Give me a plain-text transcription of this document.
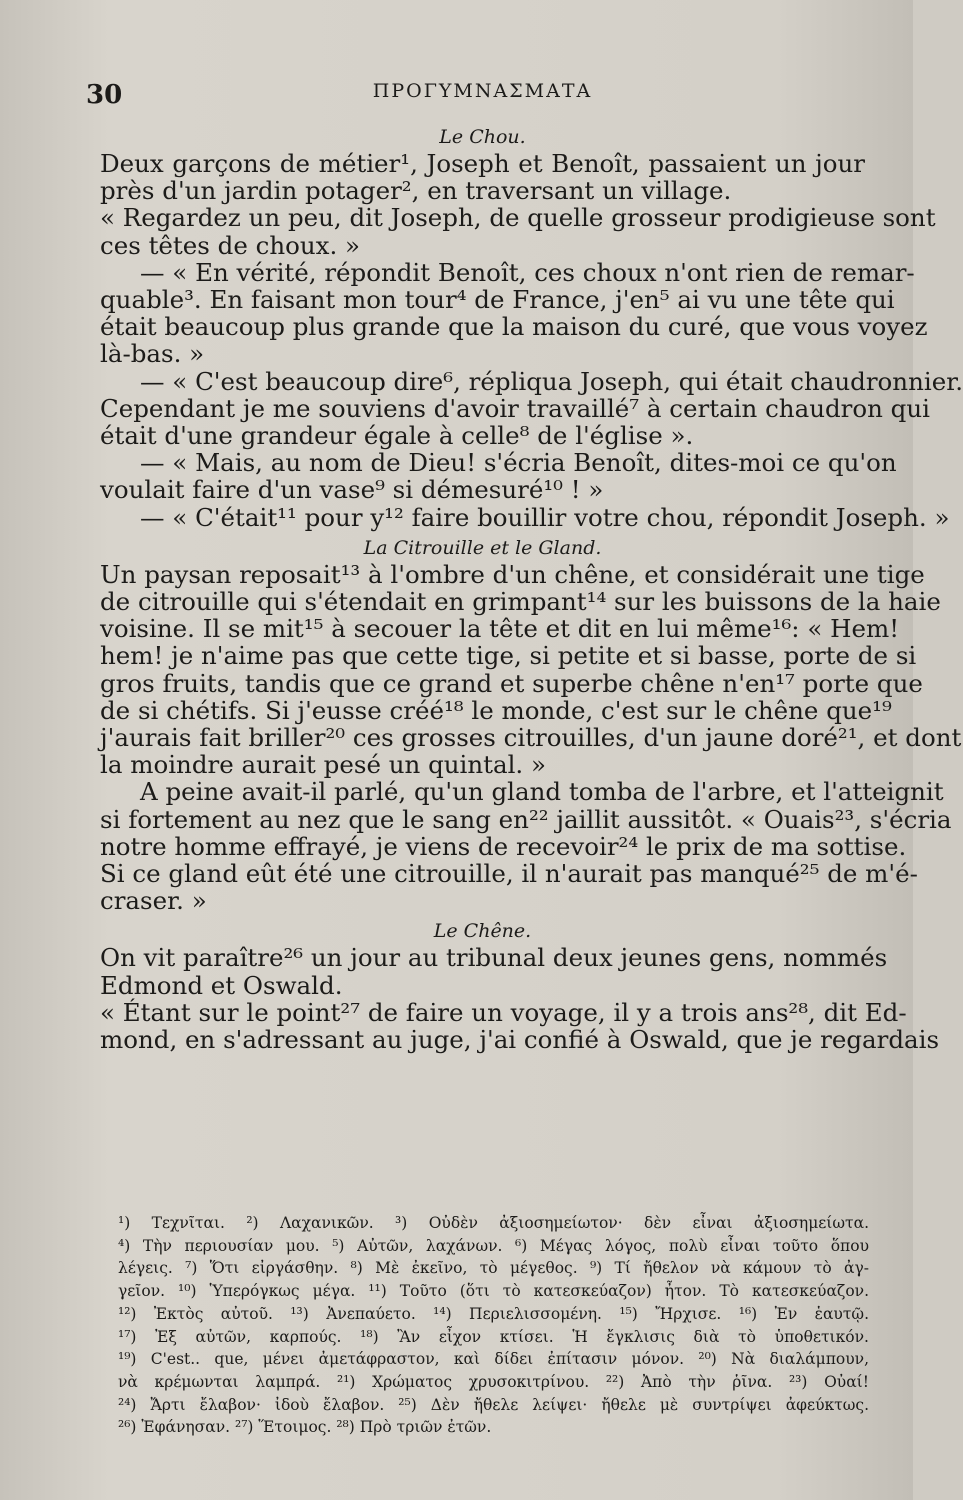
30	ΠΡΟΓΥΜΝΑΣΜΑΤΑ
Le Chou.
Deux garçons de métier¹, Joseph et Benoît, passaient un jour
près d'un jardin potager², en traversant un village.
« Regardez un peu, dit Joseph, de quelle grosseur prodigieuse sont
ces têtes de choux. »
— « En vérité, répondit Benoît, ces choux n'ont rien de remar-
quable³. En faisant mon tour⁴ de France, j'en⁵ ai vu une tête qui
était beaucoup plus grande que la maison du curé, que vous voyez
là-bas. »
— « C'est beaucoup dire⁶, répliqua Joseph, qui était chaudronnier.
Cependant je me souviens d'avoir travaillé⁷ à certain chaudron qui
était d'une grandeur égale à celle⁸ de l'église ».
— « Mais, au nom de Dieu! s'écria Benoît, dites-moi ce qu'on
voulait faire d'un vase⁹ si démesuré¹⁰ ! »
— « C'était¹¹ pour y¹² faire bouillir votre chou, répondit Joseph. »
La Citrouille et le Gland.
Un paysan reposait¹³ à l'ombre d'un chêne, et considérait une tige
de citrouille qui s'étendait en grimpant¹⁴ sur les buissons de la haie
voisine. Il se mit¹⁵ à secouer la tête et dit en lui même¹⁶: « Hem!
hem! je n'aime pas que cette tige, si petite et si basse, porte de si
gros fruits, tandis que ce grand et superbe chêne n'en¹⁷ porte que
de si chétifs. Si j'eusse créé¹⁸ le monde, c'est sur le chêne que¹⁹
j'aurais fait briller²⁰ ces grosses citrouilles, d'un jaune doré²¹, et dont
la moindre aurait pesé un quintal. »
A peine avait-il parlé, qu'un gland tomba de l'arbre, et l'atteignit
si fortement au nez que le sang en²² jaillit aussitôt. « Ouais²³, s'écria
notre homme effrayé, je viens de recevoir²⁴ le prix de ma sottise.
Si ce gland eût été une citrouille, il n'aurait pas manqué²⁵ de m'é-
craser. »
Le Chêne.
On vit paraître²⁶ un jour au tribunal deux jeunes gens, nommés
Edmond et Oswald.
« Étant sur le point²⁷ de faire un voyage, il y a trois ans²⁸, dit Ed-
mond, en s'adressant au juge, j'ai confié à Oswald, que je regardais
¹) Τεχνῖται. ²) Λαχανικῶν. ³) Οὐδὲν ἀξιοσημείωτον· δὲν εἶναι ἀξιοσημείωτα.
⁴) Τὴν περιουσίαν μου. ⁵) Αὐτῶν, λαχάνων. ⁶) Μέγας λόγος, πολὺ εἶναι τοῦτο ὅπου
λέγεις. ⁷) Ὅτι εἰργάσθην. ⁸) Μὲ ἐκεῖνο, τὸ μέγεθος. ⁹) Τί ἤθελον νὰ κάμουν τὸ ἀγ-
γεῖον. ¹⁰) Ὑπερόγκως μέγα. ¹¹) Τοῦτο (ὅτι τὸ κατεσκεύαζον) ἦτον. Τὸ κατεσκεύαζον.
¹²) Ἐκτὸς αὐτοῦ. ¹³) Ἀνεπαύετο. ¹⁴) Περιελισσομένη. ¹⁵) Ἤρχισε. ¹⁶) Ἐν ἑαυτῷ.
¹⁷) Ἐξ αὐτῶν, καρπούς. ¹⁸) Ἂν εἶχον κτίσει. Ἡ ἔγκλισις διὰ τὸ ὑποθετικόν.
¹⁹) C'est.. que, μένει ἀμετάφραστον, καὶ δίδει ἐπίτασιν μόνον. ²⁰) Νὰ διαλάμπουν,
νὰ κρέμωνται λαμπρά. ²¹) Χρώματος χρυσοκιτρίνου. ²²) Ἀπὸ τὴν ῥῖνα. ²³) Οὐαί!
²⁴) Ἄρτι ἔλαβον· ἰδοὺ ἔλαβον. ²⁵) Δὲν ἤθελε λείψει· ἤθελε μὲ συντρίψει ἀφεύκτως.
²⁶) Ἐφάνησαν. ²⁷) Ἕτοιμος. ²⁸) Πρὸ τριῶν ἐτῶν.
